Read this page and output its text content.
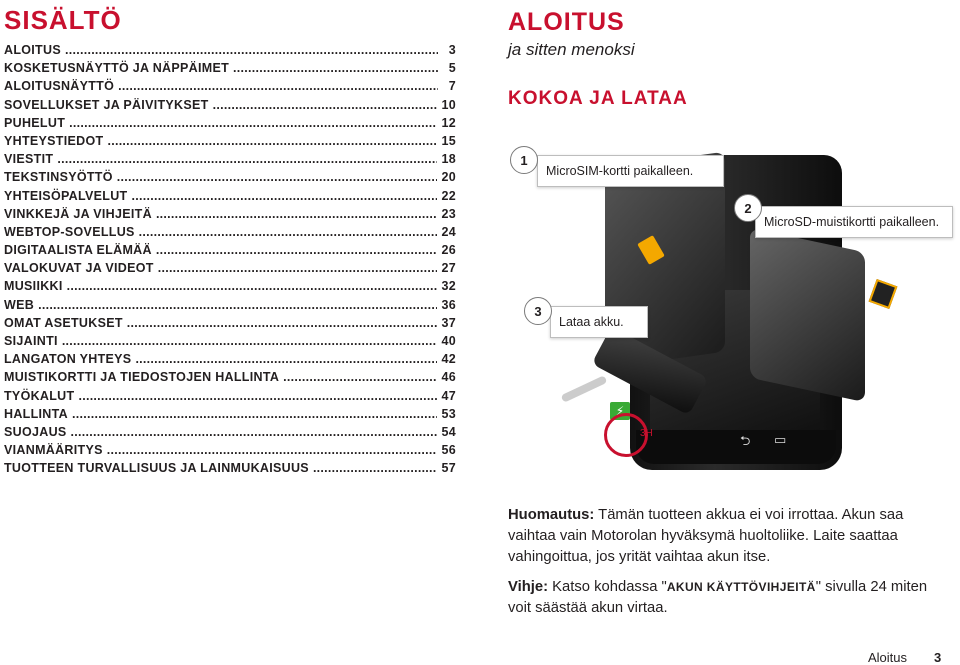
SISÄLTÖ
ALOITUS . . .	3
KOSKETUSNÄYTTÖ JA NÄPPÄIMET . . .	5
ALOITUSNÄYTTÖ . . .	7
SOVELLUKSET JA PÄIVITYKSET . . .	10
PUHELUT . . .	12
YHTEYSTIEDOT . . .	15
VIESTIT . . .	18
TEKSTINSYÖTTÖ . . .	20
YHTEISÖPALVELUT . . .	22
VINKKEJÄ JA VIHJEITÄ . . .	23
WEBTOP-SOVELLUS . . .	24
DIGITAALISTA ELÄMÄÄ . . .	26
VALOKUVAT JA VIDEOT . . .	27
MUSIIKKI . . .	32
WEB . . .	36
OMAT ASETUKSET . . .	37
SIJAINTI . . .	40
LANGATON YHTEYS . . .	42
MUISTIKORTTI JA TIEDOSTOJEN HALLINTA . . .	46
TYÖKALUT . . .	47
HALLINTA . . .	53
SUOJAUS . . .	54
VIANMÄÄRITYS . . .	56
TUOTTEEN TURVALLISUUS JA LAINMUKAISUUS . . .	57
ALOITUS
ja sitten menoksi
KOKOA JA LATAA
⮌ ▭
⚡
3H
MicroSIM-kortti paikalleen.
1
MicroSD-muistikortti paikalleen.
2
Lataa akku.
3
Huomautus: Tämän tuotteen akkua ei voi irrottaa. Akun saa vaihtaa vain Motorolan hyväksymä huoltoliike. Laite saattaa vahingoittua, jos yrität vaihtaa akun itse.
Vihje: Katso kohdassa "AKUN KÄYTTÖVIHJEITÄ" sivulla 24 miten voit säästää akun virtaa.
Aloitus 3
